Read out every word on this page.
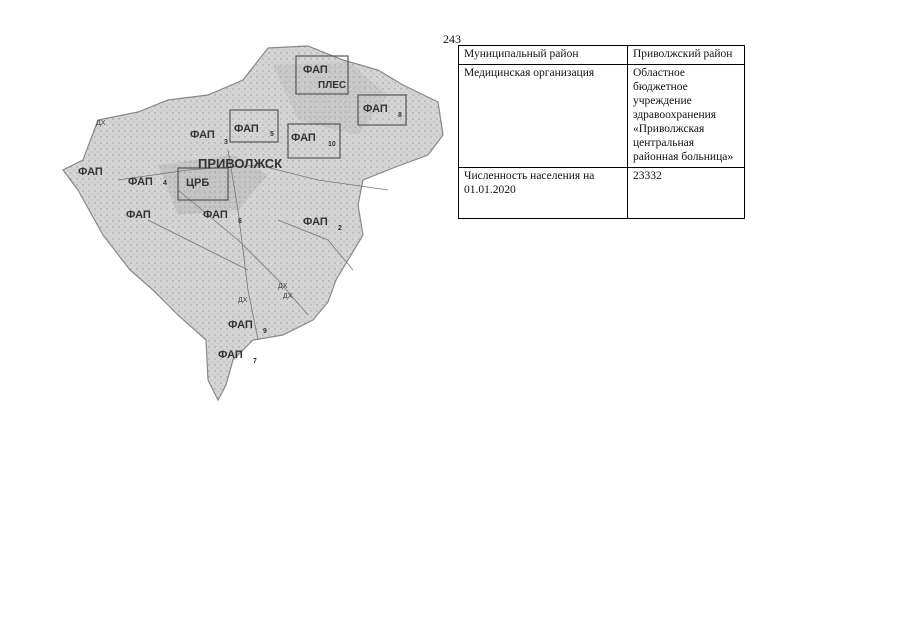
243
ФАП
ПЛЕС
ФАП 5 ФАП
10
ФАП
8
ФАП
3
ПРИВОЛЖСК
ЦРБ
ФАП
ФАП 4
ФАП	ФАП
6	ФАП
2
ФАП
9
ФАП
7
ДХ
ДХ
ДХ
ДХ
Муниципальный район	Приволжский район
Медицинская организация	Областное бюджетное учреждение здравоохранения «Приволжская центральная районная больница»
Численность населения на 01.01.2020	23332
